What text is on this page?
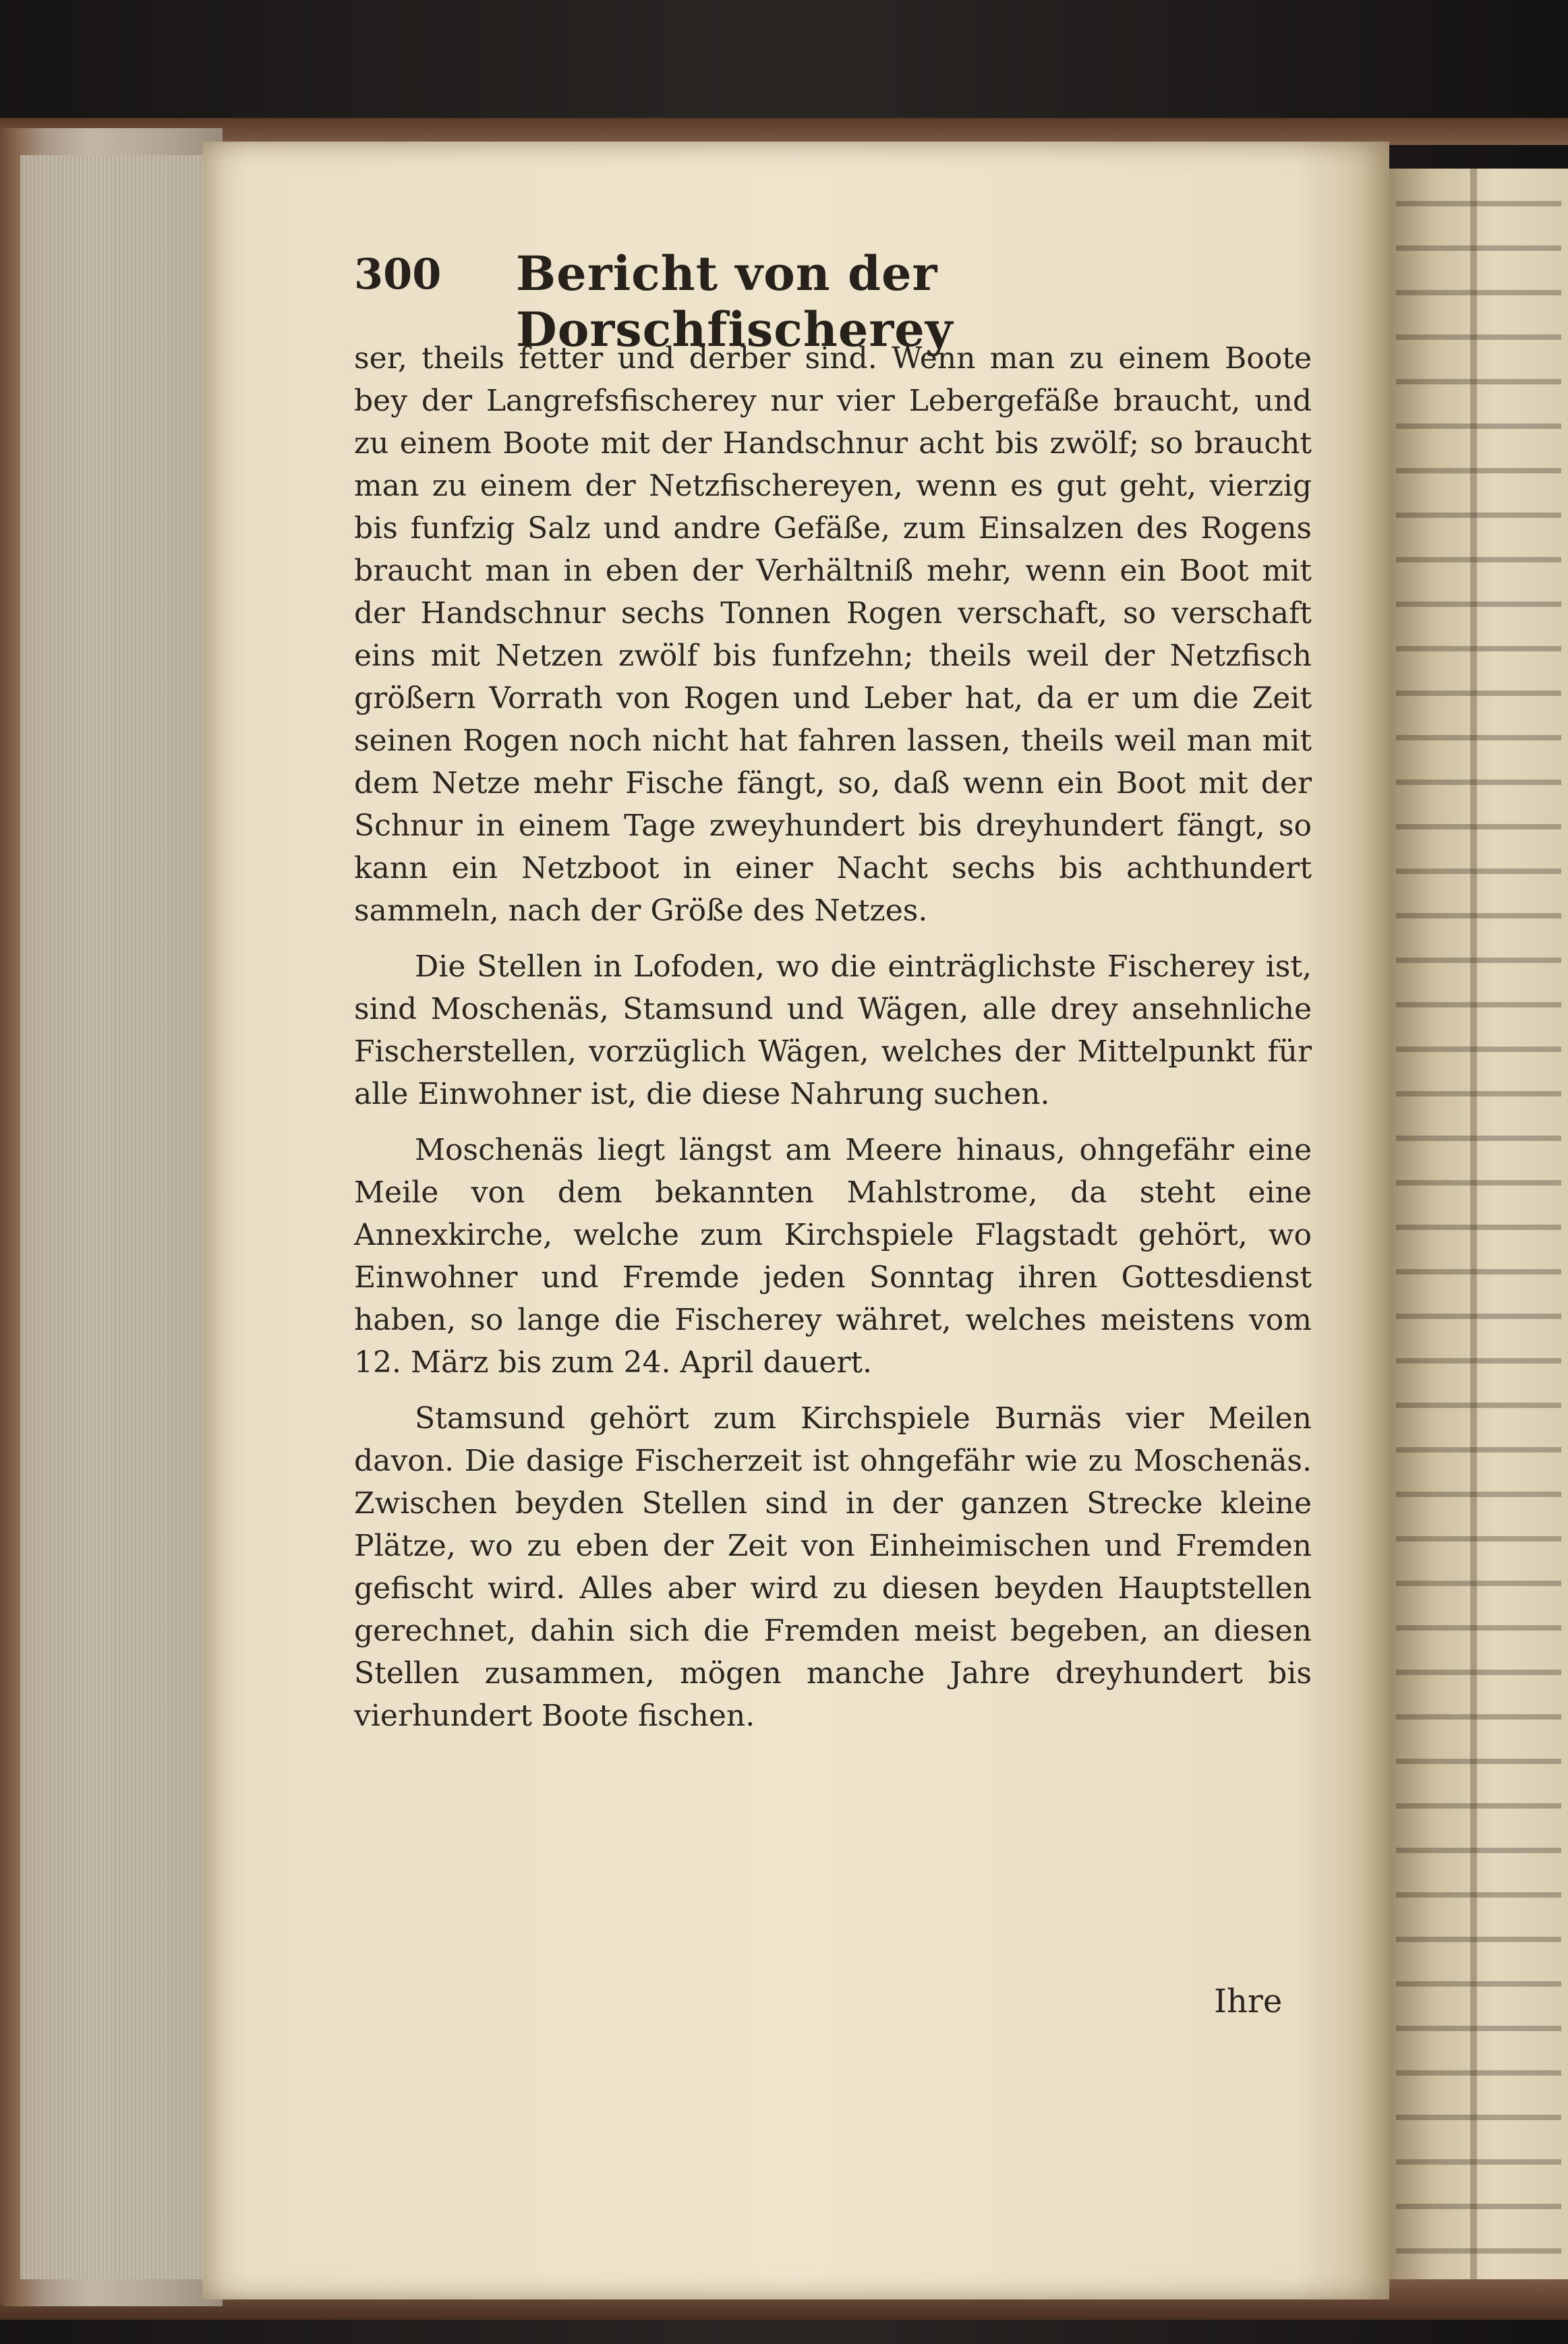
300 Bericht von der Dorschfischerey

ser, theils fetter und derber sind. Wenn man zu einem Boote bey der Langrefsfischerey nur vier Lebergefäße braucht, und zu einem Boote mit der Handschnur acht bis zwölf; so braucht man zu einem der Netzfischereyen, wenn es gut geht, vierzig bis funfzig Salz und andre Gefäße, zum Einsalzen des Rogens braucht man in eben der Verhältniß mehr, wenn ein Boot mit der Handschnur sechs Tonnen Rogen verschaft, so verschaft eins mit Netzen zwölf bis funfzehn; theils weil der Netzfisch größern Vorrath von Rogen und Leber hat, da er um die Zeit seinen Rogen noch nicht hat fahren lassen, theils weil man mit dem Netze mehr Fische fängt, so, daß wenn ein Boot mit der Schnur in einem Tage zweyhundert bis dreyhundert fängt, so kann ein Netzboot in einer Nacht sechs bis achthundert sammeln, nach der Größe des Netzes.

Die Stellen in Lofoden, wo die einträglichste Fischerey ist, sind Moschenäs, Stamsund und Wägen, alle drey ansehnliche Fischerstellen, vorzüglich Wägen, welches der Mittelpunkt für alle Einwohner ist, die diese Nahrung suchen.

Moschenäs liegt längst am Meere hinaus, ohngefähr eine Meile von dem bekannten Mahlstrome, da steht eine Annexkirche, welche zum Kirchspiele Flagstadt gehört, wo Einwohner und Fremde jeden Sonntag ihren Gottesdienst haben, so lange die Fischerey währet, welches meistens vom 12. März bis zum 24. April dauert.

Stamsund gehört zum Kirchspiele Burnäs vier Meilen davon. Die dasige Fischerzeit ist ohngefähr wie zu Moschenäs. Zwischen beyden Stellen sind in der ganzen Strecke kleine Plätze, wo zu eben der Zeit von Einheimischen und Fremden gefischt wird. Alles aber wird zu diesen beyden Hauptstellen gerechnet, dahin sich die Fremden meist begeben, an diesen Stellen zusammen, mögen manche Jahre dreyhundert bis vierhundert Boote fischen.

Ihre
